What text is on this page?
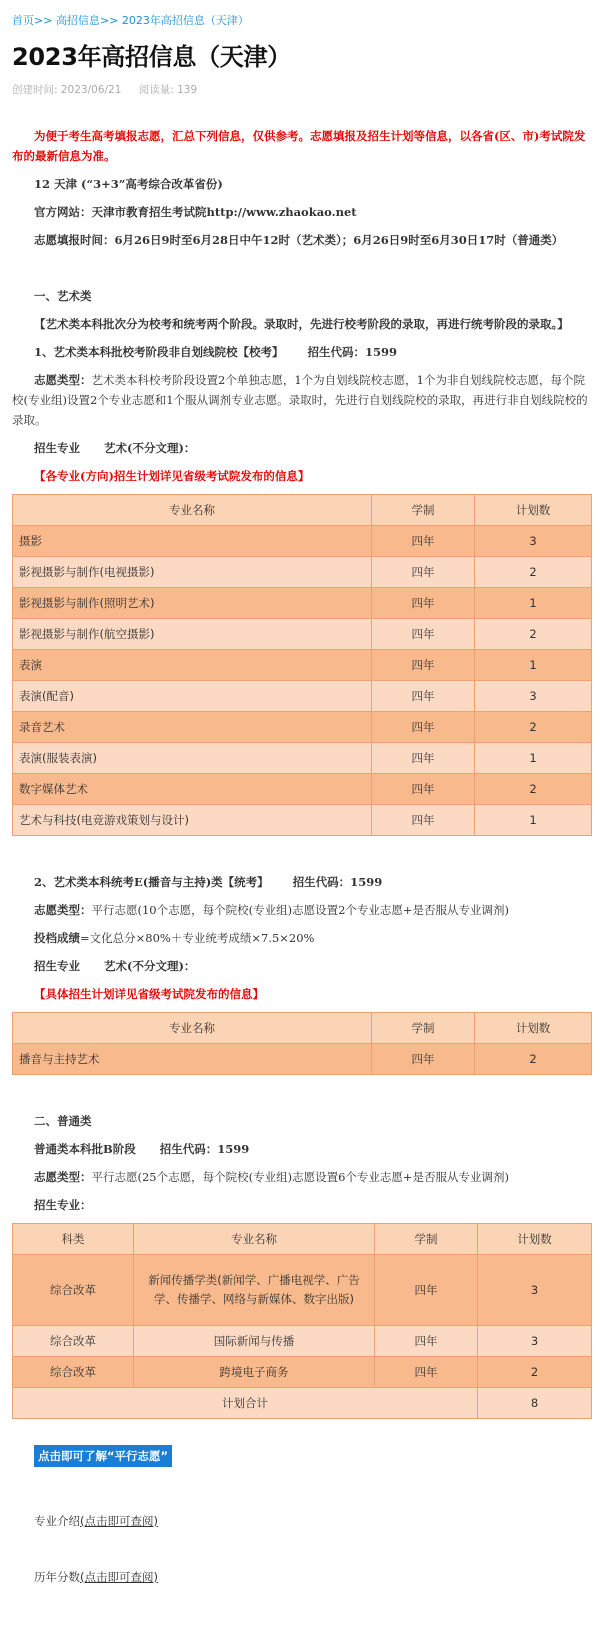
首页>> 高招信息>> 2023年高招信息（天津）
2023年高招信息（天津）
创建时间: 2023/06/21 阅读量: 139
为便于考生高考填报志愿，汇总下列信息，仅供参考。志愿填报及招生计划等信息，以各省(区、市)考试院发布的最新信息为准。
12 天津 (“3+3”高考综合改革省份)
官方网站：天津市教育招生考试院http://www.zhaokao.net
志愿填报时间：6月26日9时至6月28日中午12时（艺术类）；6月26日9时至6月30日17时（普通类）
一、艺术类
【艺术类本科批次分为校考和统考两个阶段。录取时，先进行校考阶段的录取，再进行统考阶段的录取。】
1、艺术类本科批校考阶段非自划线院校【校考】 招生代码：1599
志愿类型：艺术类本科校考阶段设置2个单独志愿，1个为自划线院校志愿，1个为非自划线院校志愿，每个院校(专业组)设置2个专业志愿和1个服从调剂专业志愿。录取时，先进行自划线院校的录取，再进行非自划线院校的录取。
招生专业 艺术(不分文理)：
【各专业(方向)招生计划详见省级考试院发布的信息】
专业名称	学制	计划数
摄影	四年	3
影视摄影与制作(电视摄影)	四年	2
影视摄影与制作(照明艺术)	四年	1
影视摄影与制作(航空摄影)	四年	2
表演	四年	1
表演(配音)	四年	3
录音艺术	四年	2
表演(服装表演)	四年	1
数字媒体艺术	四年	2
艺术与科技(电竞游戏策划与设计)	四年	1
2、艺术类本科统考E(播音与主持)类【统考】 招生代码：1599
志愿类型：平行志愿(10个志愿，每个院校(专业组)志愿设置2个专业志愿+是否服从专业调剂)
投档成绩=文化总分×80%＋专业统考成绩×7.5×20%
招生专业 艺术(不分文理)：
【具体招生计划详见省级考试院发布的信息】
专业名称	学制	计划数
播音与主持艺术	四年	2
二、普通类
普通类本科批B阶段 招生代码：1599
志愿类型：平行志愿(25个志愿，每个院校(专业组)志愿设置6个专业志愿+是否服从专业调剂)
招生专业：
科类	专业名称	学制	计划数
综合改革	新闻传播学类(新闻学、广播电视学、广告学、传播学、网络与新媒体、数字出版)	四年	3
综合改革	国际新闻与传播	四年	3
综合改革	跨境电子商务	四年	2
计划合计			8
点击即可了解“平行志愿”
专业介绍(点击即可查阅)
历年分数(点击即可查阅)
